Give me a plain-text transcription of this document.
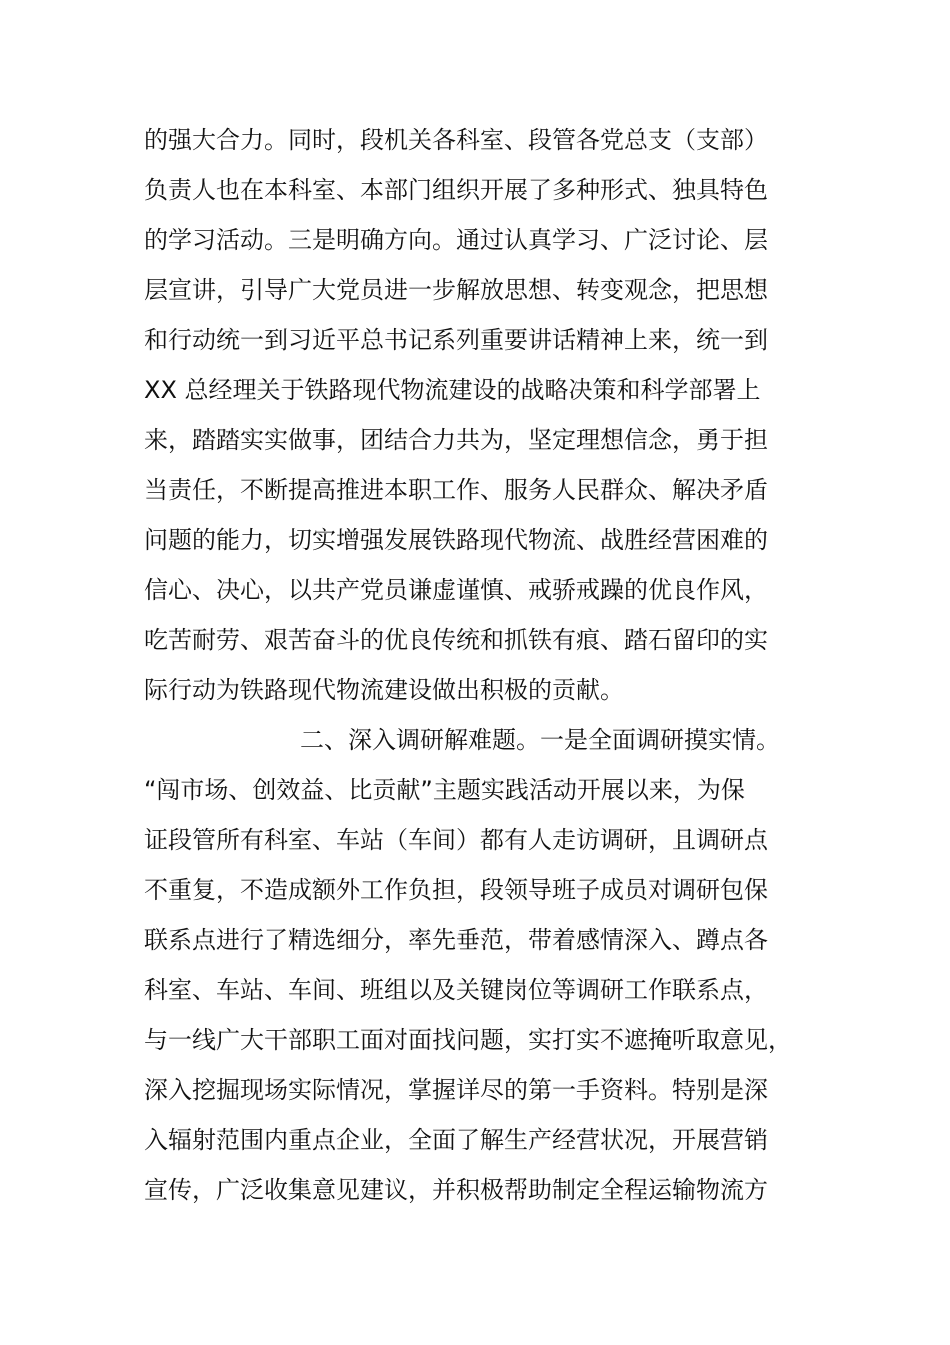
的强大合力。同时，段机关各科室、段管各党总支（支部）
负责人也在本科室、本部门组织开展了多种形式、独具特色
的学习活动。三是明确方向。通过认真学习、广泛讨论、层
层宣讲，引导广大党员进一步解放思想、转变观念，把思想
和行动统一到习近平总书记系列重要讲话精神上来，统一到
XX 总经理关于铁路现代物流建设的战略决策和科学部署上
来，踏踏实实做事，团结合力共为，坚定理想信念，勇于担
当责任，不断提高推进本职工作、服务人民群众、解决矛盾
问题的能力，切实增强发展铁路现代物流、战胜经营困难的
信心、决心，以共产党员谦虚谨慎、戒骄戒躁的优良作风，
吃苦耐劳、艰苦奋斗的优良传统和抓铁有痕、踏石留印的实
际行动为铁路现代物流建设做出积极的贡献。
二、深入调研解难题。一是全面调研摸实情。
“闯市场、创效益、比贡献”主题实践活动开展以来，为保
证段管所有科室、车站（车间）都有人走访调研，且调研点
不重复，不造成额外工作负担，段领导班子成员对调研包保
联系点进行了精选细分，率先垂范，带着感情深入、蹲点各
科室、车站、车间、班组以及关键岗位等调研工作联系点，
与一线广大干部职工面对面找问题，实打实不遮掩听取意见，
深入挖掘现场实际情况，掌握详尽的第一手资料。特别是深
入辐射范围内重点企业，全面了解生产经营状况，开展营销
宣传，广泛收集意见建议，并积极帮助制定全程运输物流方
